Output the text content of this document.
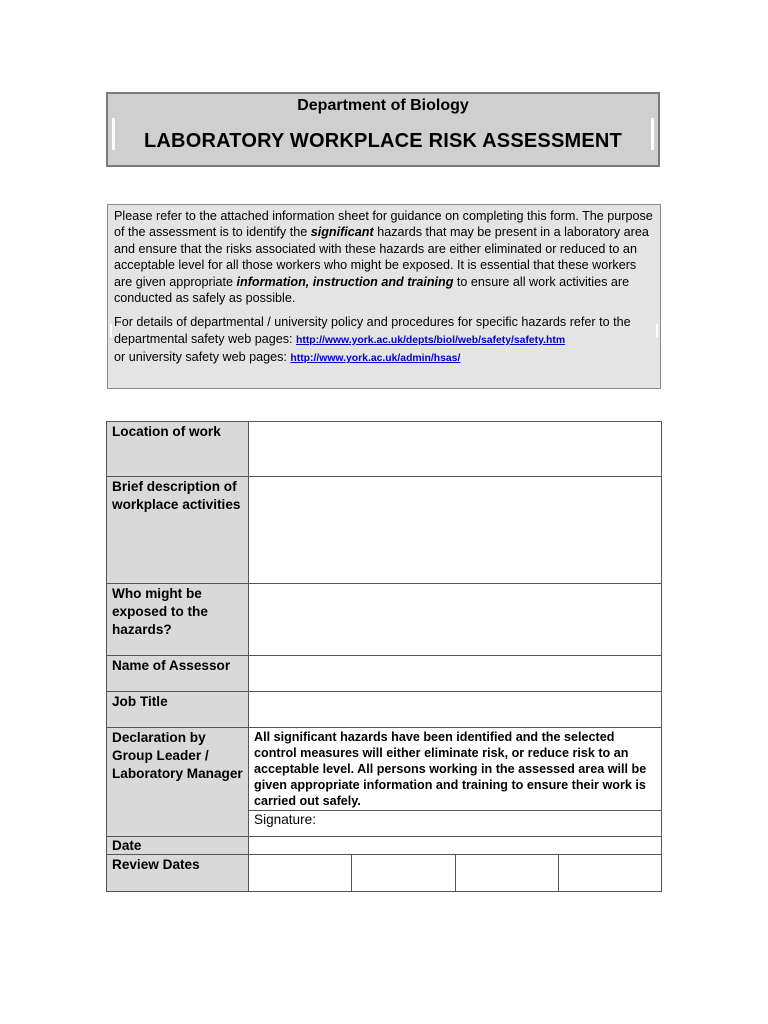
Department of Biology
LABORATORY WORKPLACE RISK ASSESSMENT

Please refer to the attached information sheet for guidance on completing this form. The purpose of the assessment is to identify the significant hazards that may be present in a laboratory area and ensure that the risks associated with these hazards are either eliminated or reduced to an acceptable level for all those workers who might be exposed. It is essential that these workers are given appropriate information, instruction and training to ensure all work activities are conducted as safely as possible.

For details of departmental / university policy and procedures for specific hazards refer to the departmental safety web pages: http://www.york.ac.uk/depts/biol/web/safety/safety.htm
or university safety web pages: http://www.york.ac.uk/admin/hsas/

Location of work	
Brief description of workplace activities	
Who might be exposed to the hazards?	
Name of Assessor	
Job Title	
Declaration by Group Leader / Laboratory Manager	All significant hazards have been identified and the selected control measures will either eliminate risk, or reduce risk to an acceptable level. All persons working in the assessed area will be given appropriate information and training to ensure their work is carried out safely.
	Signature:
Date	
Review Dates	
